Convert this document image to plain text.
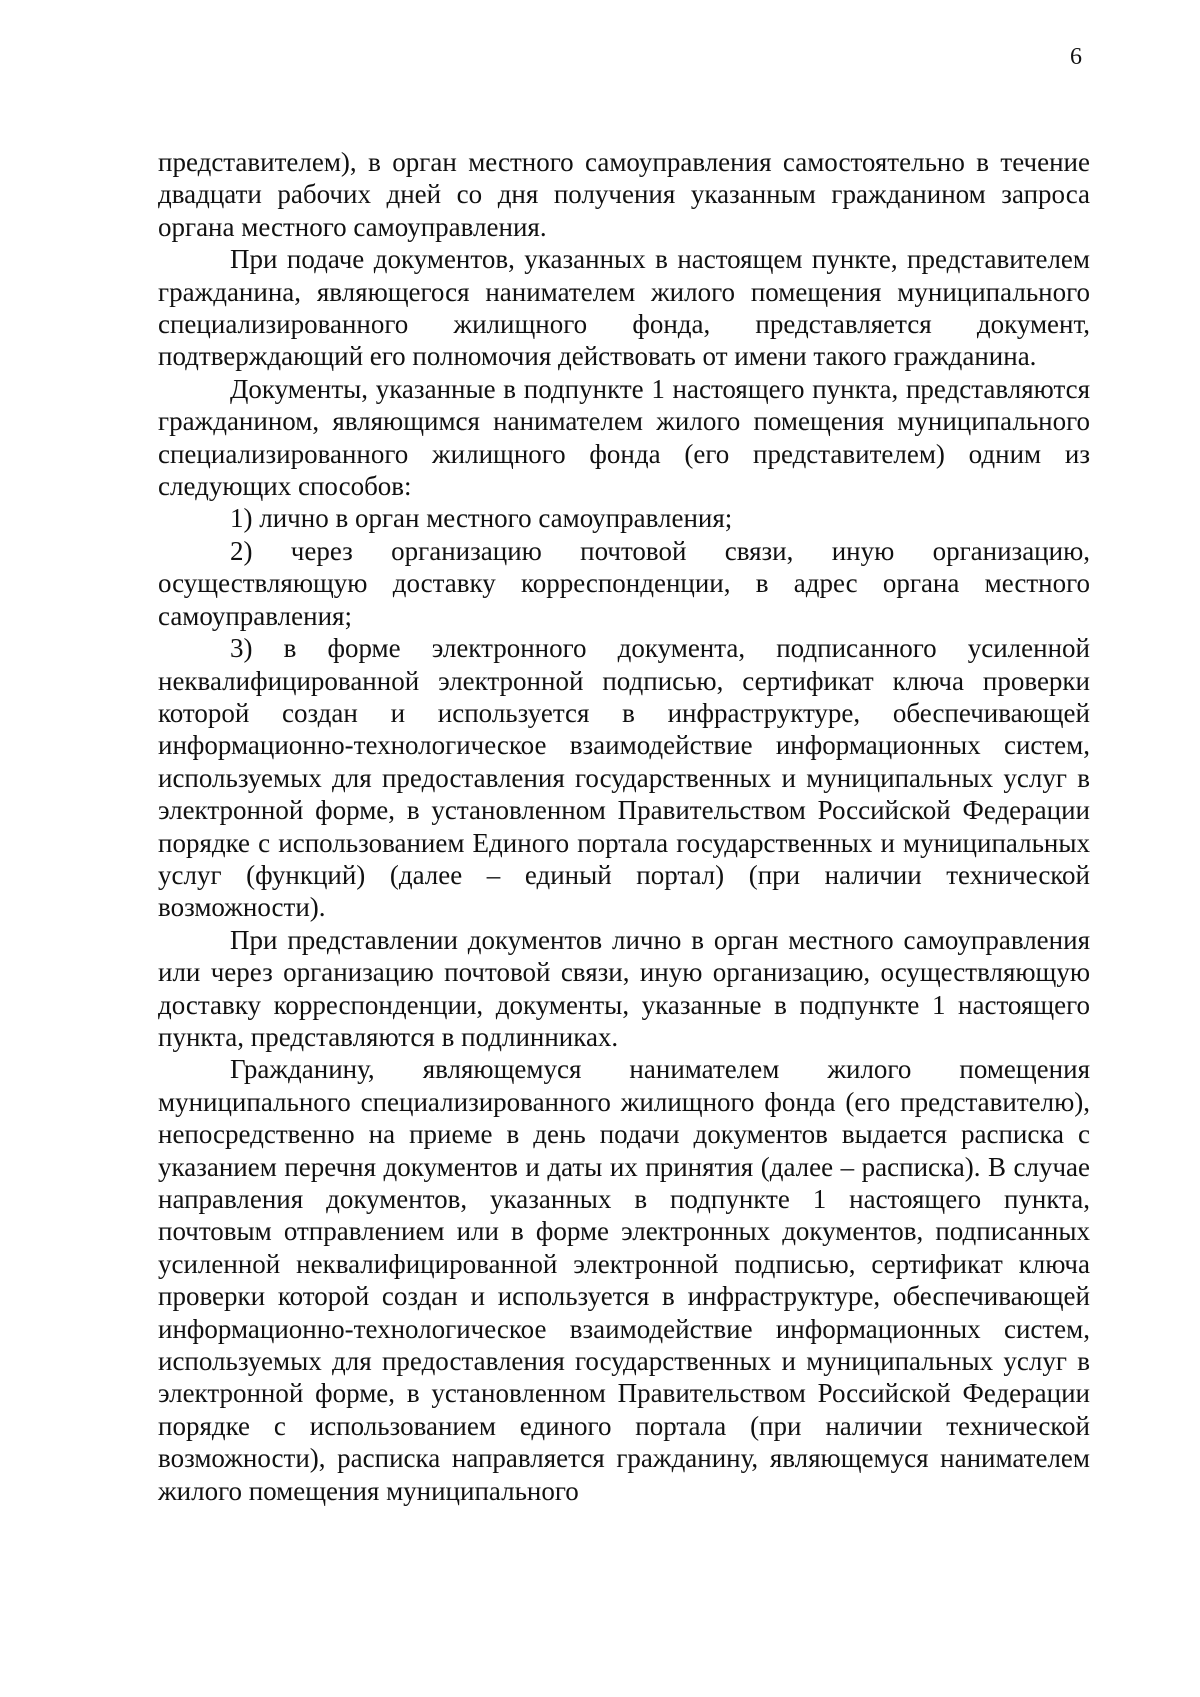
6

представителем), в орган местного самоуправления самостоятельно в течение двадцати рабочих дней со дня получения указанным гражданином запроса органа местного самоуправления.

При подаче документов, указанных в настоящем пункте, представителем гражданина, являющегося нанимателем жилого помещения муниципального специализированного жилищного фонда, представляется документ, подтверждающий его полномочия действовать от имени такого гражданина.

Документы, указанные в подпункте 1 настоящего пункта, представляются гражданином, являющимся нанимателем жилого помещения муниципального специализированного жилищного фонда (его представителем) одним из следующих способов:

1) лично в орган местного самоуправления;

2) через организацию почтовой связи, иную организацию, осуществляющую доставку корреспонденции, в адрес органа местного самоуправления;

3) в форме электронного документа, подписанного усиленной неквалифицированной электронной подписью, сертификат ключа проверки которой создан и используется в инфраструктуре, обеспечивающей информационно-технологическое взаимодействие информационных систем, используемых для предоставления государственных и муниципальных услуг в электронной форме, в установленном Правительством Российской Федерации порядке с использованием Единого портала государственных и муниципальных услуг (функций) (далее – единый портал) (при наличии технической возможности).

При представлении документов лично в орган местного самоуправления или через организацию почтовой связи, иную организацию, осуществляющую доставку корреспонденции, документы, указанные в подпункте 1 настоящего пункта, представляются в подлинниках.

Гражданину, являющемуся нанимателем жилого помещения муниципального специализированного жилищного фонда (его представителю), непосредственно на приеме в день подачи документов выдается расписка с указанием перечня документов и даты их принятия (далее – расписка). В случае направления документов, указанных в подпункте 1 настоящего пункта, почтовым отправлением или в форме электронных документов, подписанных усиленной неквалифицированной электронной подписью, сертификат ключа проверки которой создан и используется в инфраструктуре, обеспечивающей информационно-технологическое взаимодействие информационных систем, используемых для предоставления государственных и муниципальных услуг в электронной форме, в установленном Правительством Российской Федерации порядке с использованием единого портала (при наличии технической возможности), расписка направляется гражданину, являющемуся нанимателем жилого помещения муниципального
